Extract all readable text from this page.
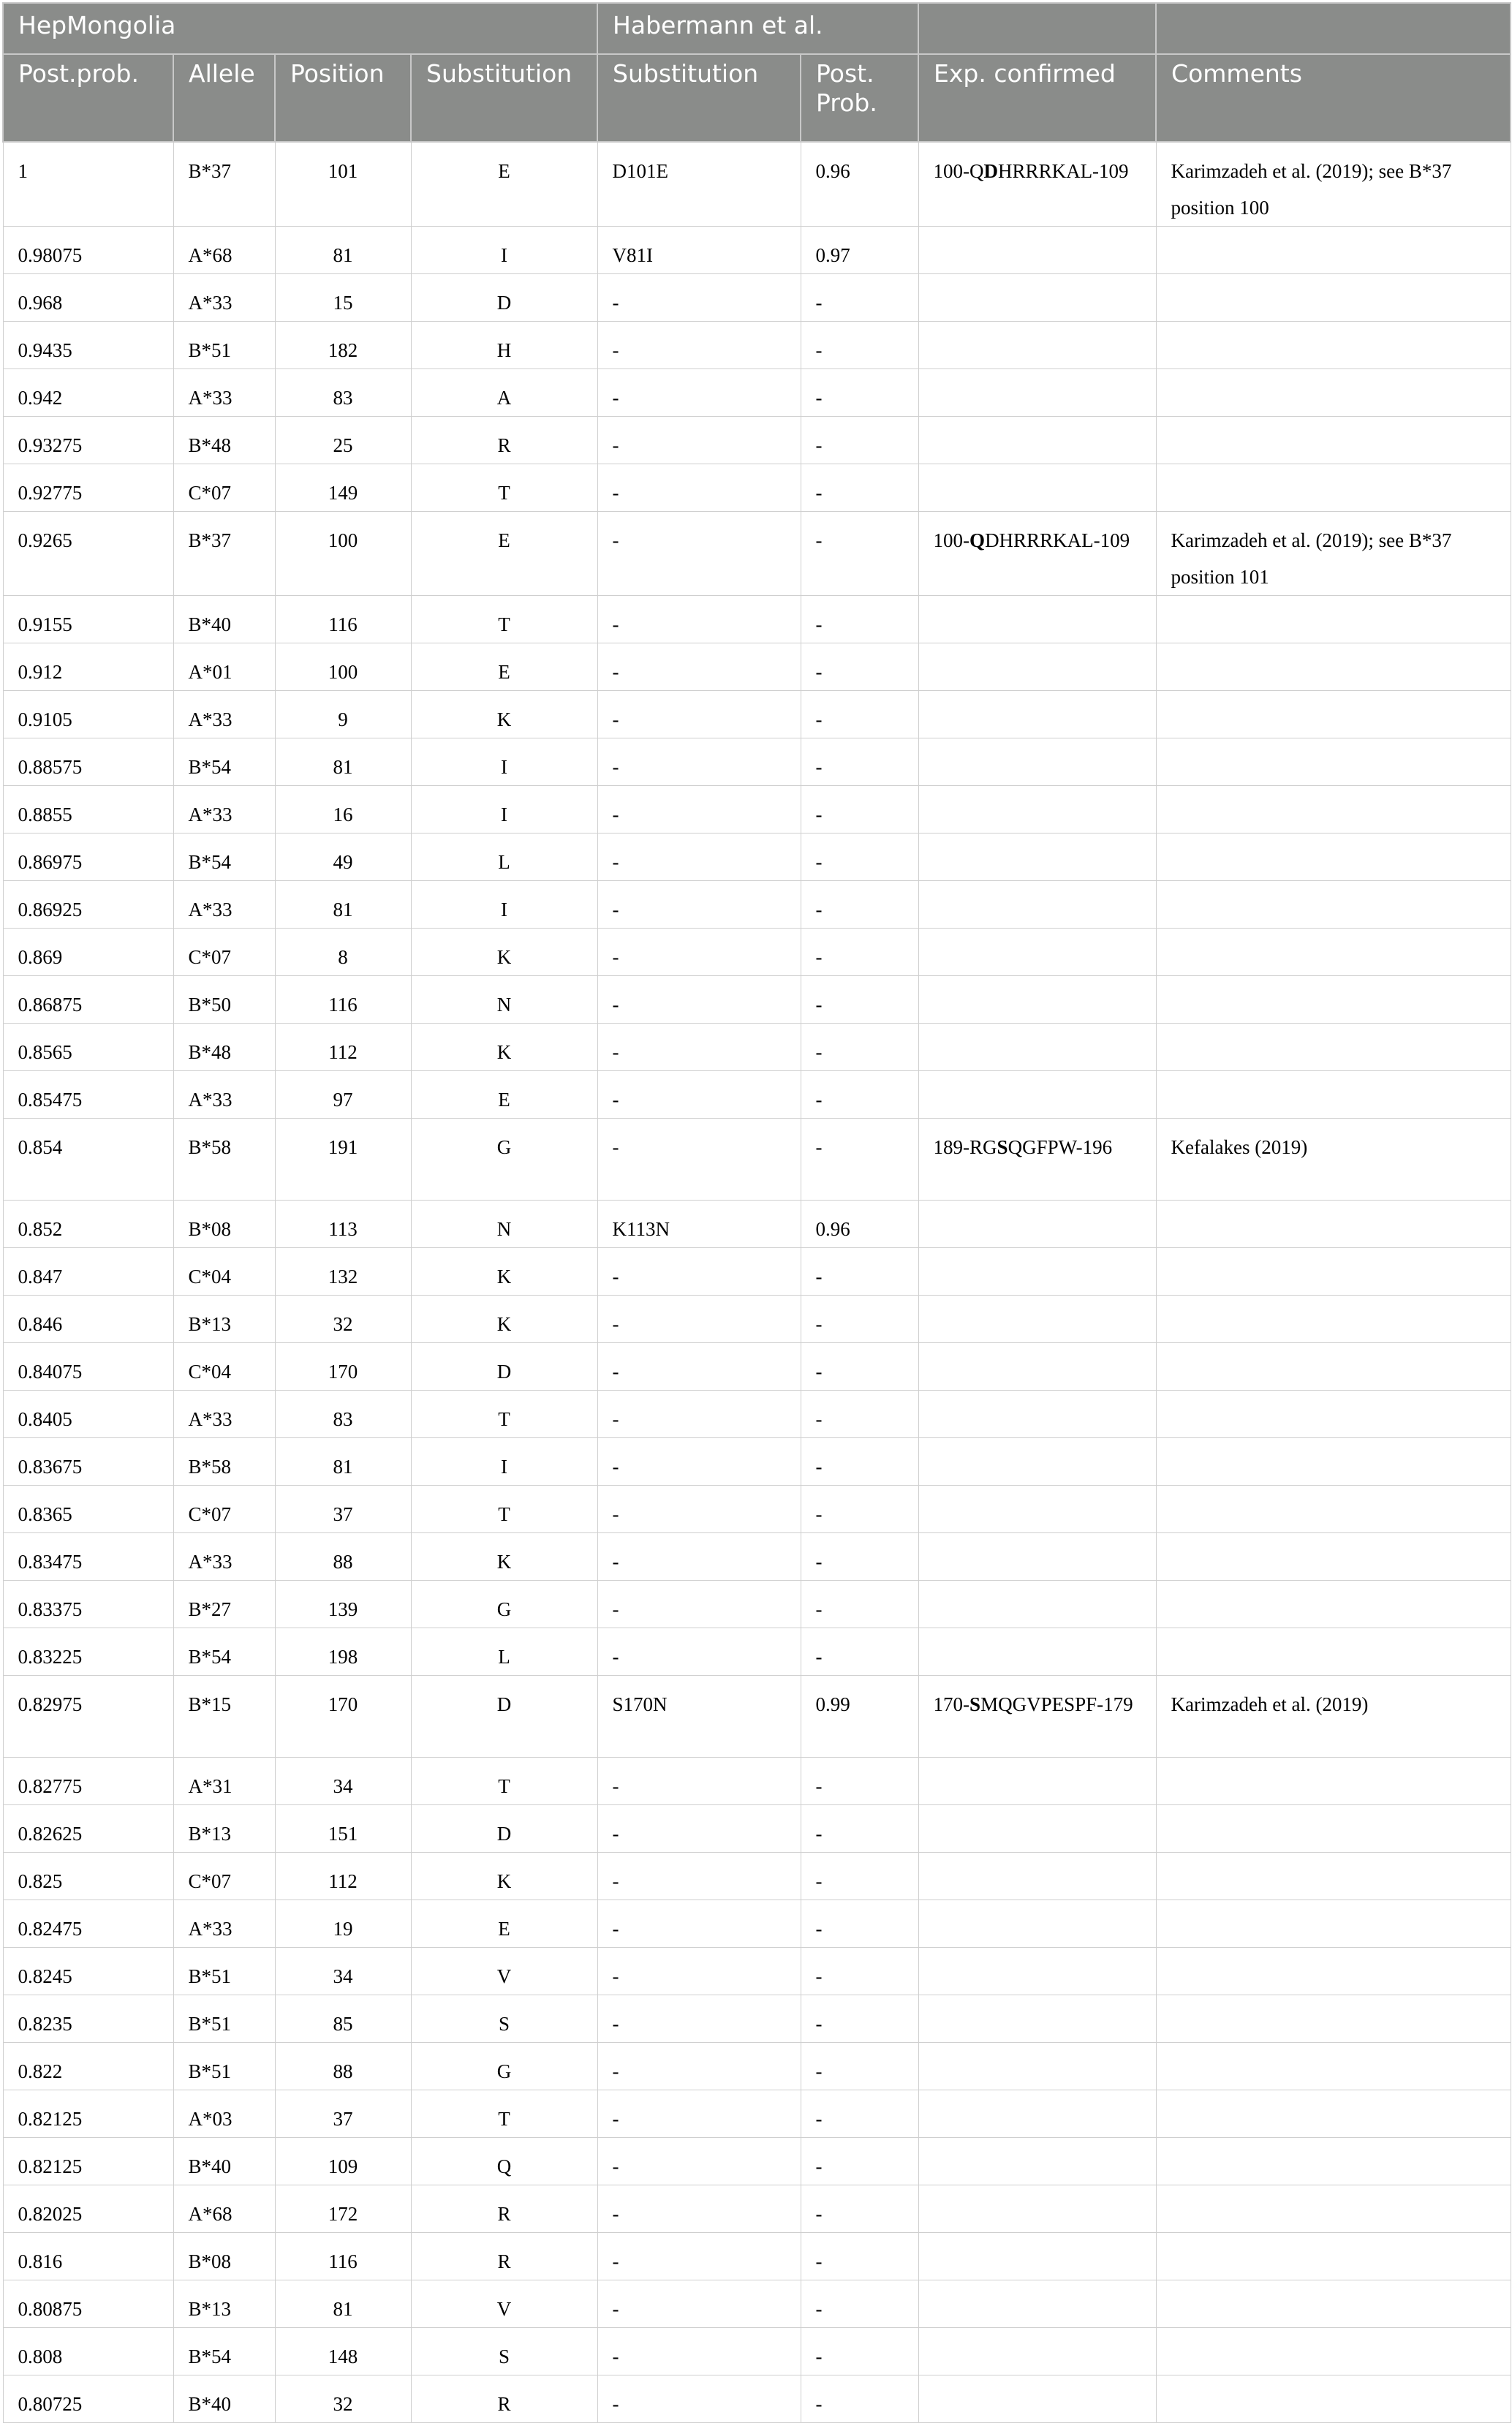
HepMongolia				Habermann et al.			
Post.prob.	Allele	Position	Substitution	Substitution	Post. Prob.	Exp. confirmed	Comments
1	B*37	101	E	D101E	0.96	100-QDHRRRKAL-109	Karimzadeh et al. (2019); see B*37 position 100
0.98075	A*68	81	I	V81I	0.97		
0.968	A*33	15	D	-	-		
0.9435	B*51	182	H	-	-		
0.942	A*33	83	A	-	-		
0.93275	B*48	25	R	-	-		
0.92775	C*07	149	T	-	-		
0.9265	B*37	100	E	-	-	100-QDHRRRKAL-109	Karimzadeh et al. (2019); see B*37 position 101
0.9155	B*40	116	T	-	-		
0.912	A*01	100	E	-	-		
0.9105	A*33	9	K	-	-		
0.88575	B*54	81	I	-	-		
0.8855	A*33	16	I	-	-		
0.86975	B*54	49	L	-	-		
0.86925	A*33	81	I	-	-		
0.869	C*07	8	K	-	-		
0.86875	B*50	116	N	-	-		
0.8565	B*48	112	K	-	-		
0.85475	A*33	97	E	-	-		
0.854	B*58	191	G	-	-	189-RGSQGFPW-196	Kefalakes (2019)
0.852	B*08	113	N	K113N	0.96		
0.847	C*04	132	K	-	-		
0.846	B*13	32	K	-	-		
0.84075	C*04	170	D	-	-		
0.8405	A*33	83	T	-	-		
0.83675	B*58	81	I	-	-		
0.8365	C*07	37	T	-	-		
0.83475	A*33	88	K	-	-		
0.83375	B*27	139	G	-	-		
0.83225	B*54	198	L	-	-		
0.82975	B*15	170	D	S170N	0.99	170-SMQGVPESPF-179	Karimzadeh et al. (2019)
0.82775	A*31	34	T	-	-		
0.82625	B*13	151	D	-	-		
0.825	C*07	112	K	-	-		
0.82475	A*33	19	E	-	-		
0.8245	B*51	34	V	-	-		
0.8235	B*51	85	S	-	-		
0.822	B*51	88	G	-	-		
0.82125	A*03	37	T	-	-		
0.82125	B*40	109	Q	-	-		
0.82025	A*68	172	R	-	-		
0.816	B*08	116	R	-	-		
0.80875	B*13	81	V	-	-		
0.808	B*54	148	S	-	-		
0.80725	B*40	32	R	-	-		
